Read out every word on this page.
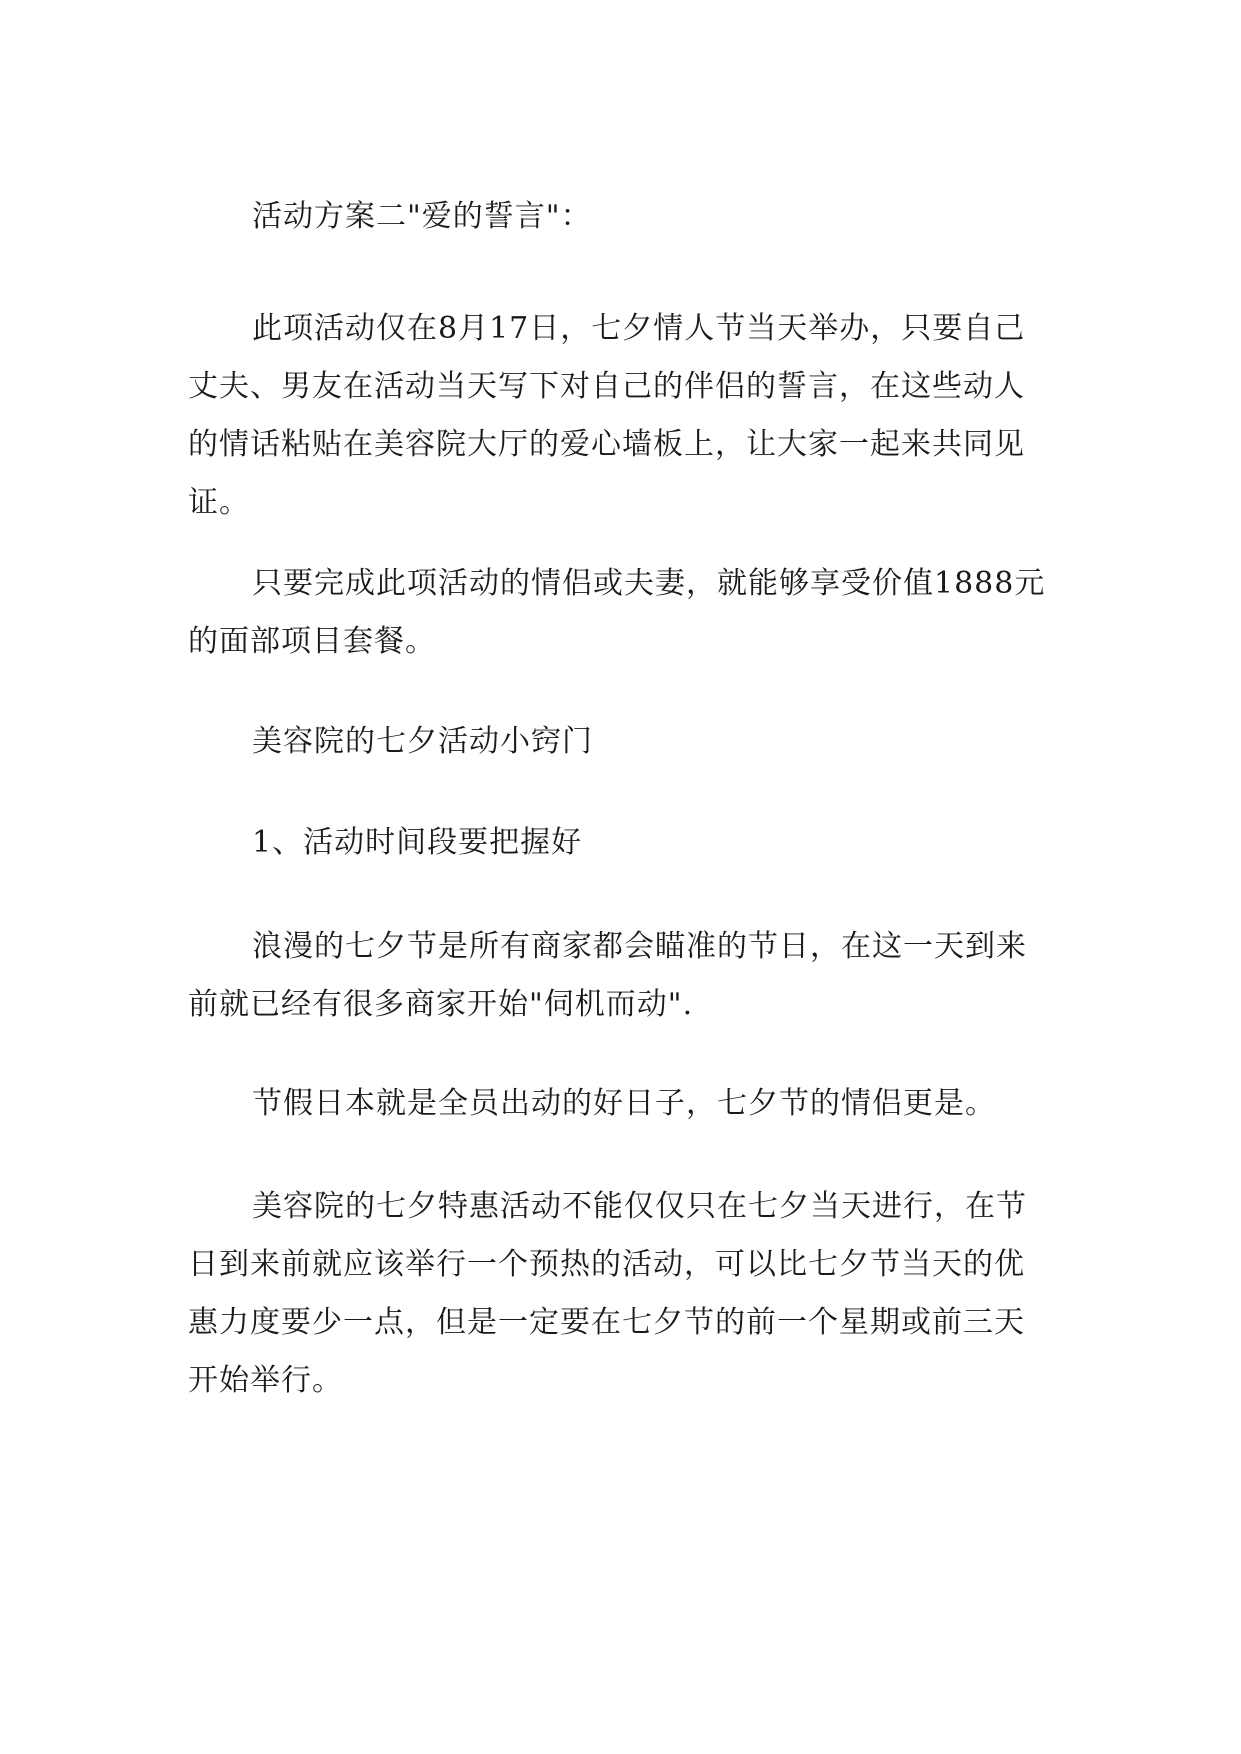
活动方案二"爱的誓言"：

此项活动仅在8月17日，七夕情人节当天举办，只要自己丈夫、男友在活动当天写下对自己的伴侣的誓言，在这些动人的情话粘贴在美容院大厅的爱心墙板上，让大家一起来共同见证。

只要完成此项活动的情侣或夫妻，就能够享受价值1888元的面部项目套餐。

美容院的七夕活动小窍门

1、活动时间段要把握好

浪漫的七夕节是所有商家都会瞄准的节日，在这一天到来前就已经有很多商家开始"伺机而动".

节假日本就是全员出动的好日子，七夕节的情侣更是。

美容院的七夕特惠活动不能仅仅只在七夕当天进行，在节日到来前就应该举行一个预热的活动，可以比七夕节当天的优惠力度要少一点，但是一定要在七夕节的前一个星期或前三天开始举行。
